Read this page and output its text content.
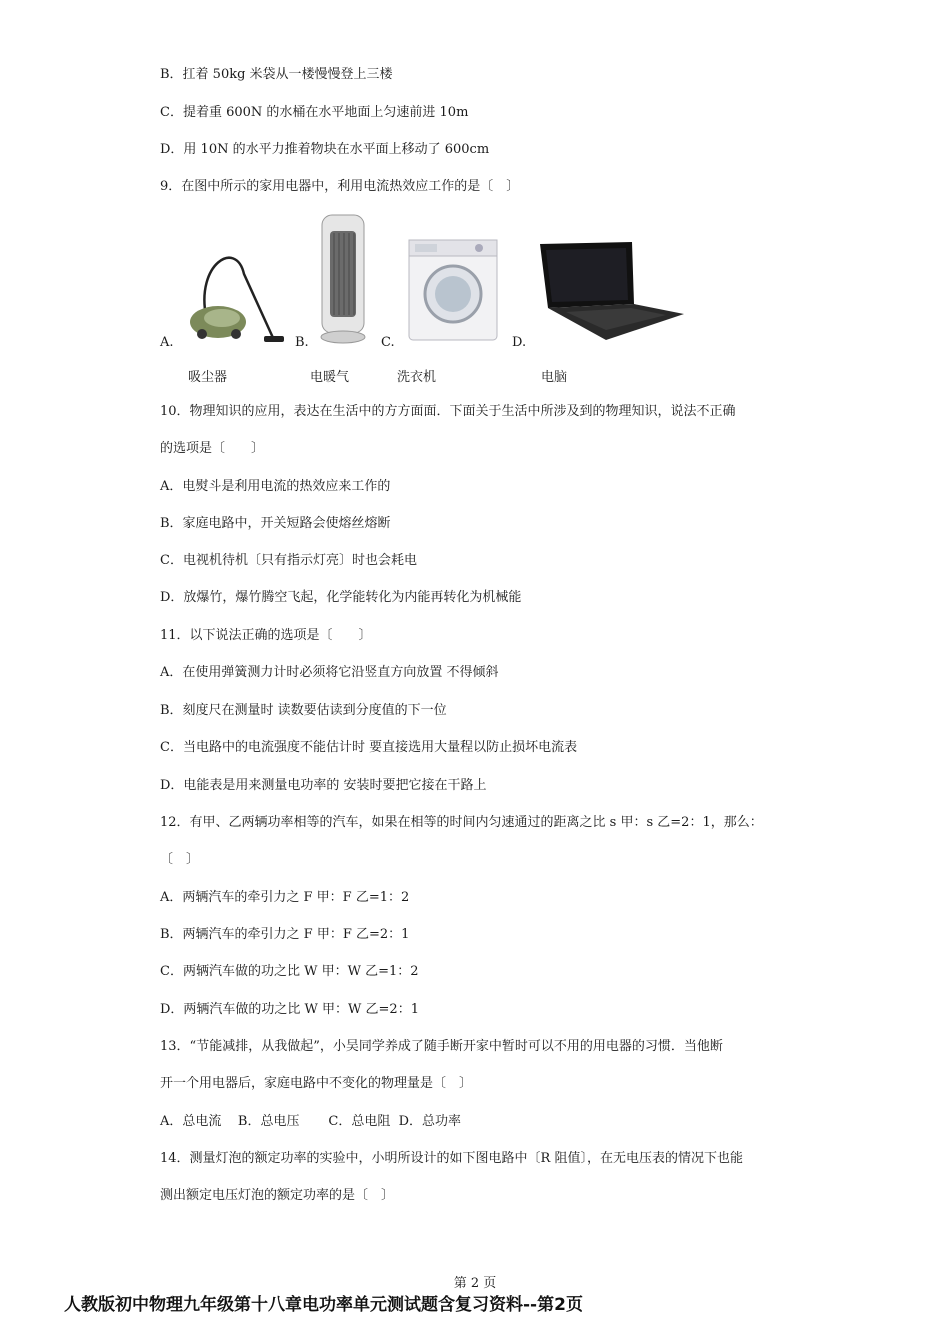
B．扛着 50kg 米袋从一楼慢慢登上三楼
C．提着重 600N 的水桶在水平地面上匀速前进 10m
D．用 10N 的水平力推着物块在水平面上移动了 600cm
9．在图中所示的家用电器中，利用电流热效应工作的是〔　〕
A.	B.	C.	D.
吸尘器	电暖气	洗衣机	电脑
10．物理知识的应用，表达在生活中的方方面面．下面关于生活中所涉及到的物理知识，说法不正确
的选项是〔　　〕
A．电熨斗是利用电流的热效应来工作的
B．家庭电路中，开关短路会使熔丝熔断
C．电视机待机〔只有指示灯亮〕时也会耗电
D．放爆竹，爆竹腾空飞起，化学能转化为内能再转化为机械能
11．以下说法正确的选项是〔　　〕
A．在使用弹簧测力计时必须将它沿竖直方向放置 不得倾斜
B．刻度尺在测量时 读数要估读到分度值的下一位
C．当电路中的电流强度不能估计时 要直接选用大量程以防止损坏电流表
D．电能表是用来测量电功率的 安装时要把它接在干路上
12．有甲、乙两辆功率相等的汽车，如果在相等的时间内匀速通过的距离之比 s 甲：s 乙=2：1，那么：
〔　〕
A．两辆汽车的牵引力之 F 甲：F 乙=1：2
B．两辆汽车的牵引力之 F 甲：F 乙=2：1
C．两辆汽车做的功之比 W 甲：W 乙=1：2
D．两辆汽车做的功之比 W 甲：W 乙=2：1
13．“节能减排，从我做起”，小吴同学养成了随手断开家中暂时可以不用的用电器的习惯．当他断
开一个用电器后，家庭电路中不变化的物理量是〔　〕
A．总电流    B．总电压       C．总电阻  D．总功率
14．测量灯泡的额定功率的实验中，小明所设计的如下图电路中〔R 阻值〕，在无电压表的情况下也能
测出额定电压灯泡的额定功率的是〔　〕
第 2 页
人教版初中物理九年级第十八章电功率单元测试题含复习资料--第2页
